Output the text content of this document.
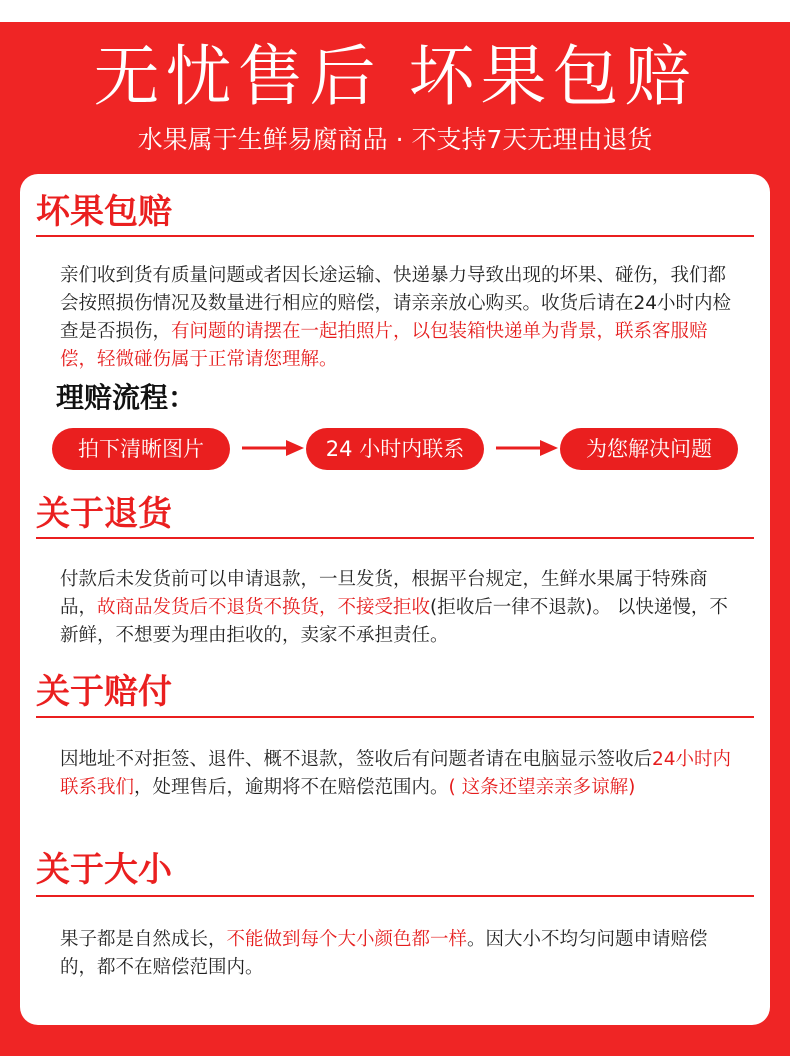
无忧售后 坏果包赔
水果属于生鲜易腐商品 · 不支持7天无理由退货
坏果包赔
亲们收到货有质量问题或者因长途运输、快递暴力导致出现的坏果、碰伤，我们都会按照损伤情况及数量进行相应的赔偿，请亲亲放心购买。收货后请在24小时内检查是否损伤，有问题的请摆在一起拍照片，以包装箱快递单为背景，联系客服赔偿，轻微碰伤属于正常请您理解。
理赔流程：
拍下清晰图片	24 小时内联系	为您解决问题
关于退货
付款后未发货前可以申请退款，一旦发货，根据平台规定，生鲜水果属于特殊商品，故商品发货后不退货不换货，不接受拒收(拒收后一律不退款)。 以快递慢，不新鲜，不想要为理由拒收的，卖家不承担责任。
关于赔付
因地址不对拒签、退件、概不退款，签收后有问题者请在电脑显示签收后24小时内联系我们，处理售后，逾期将不在赔偿范围内。( 这条还望亲亲多谅解)
关于大小
果子都是自然成长，不能做到每个大小颜色都一样。因大小不均匀问题申请赔偿的，都不在赔偿范围内。
